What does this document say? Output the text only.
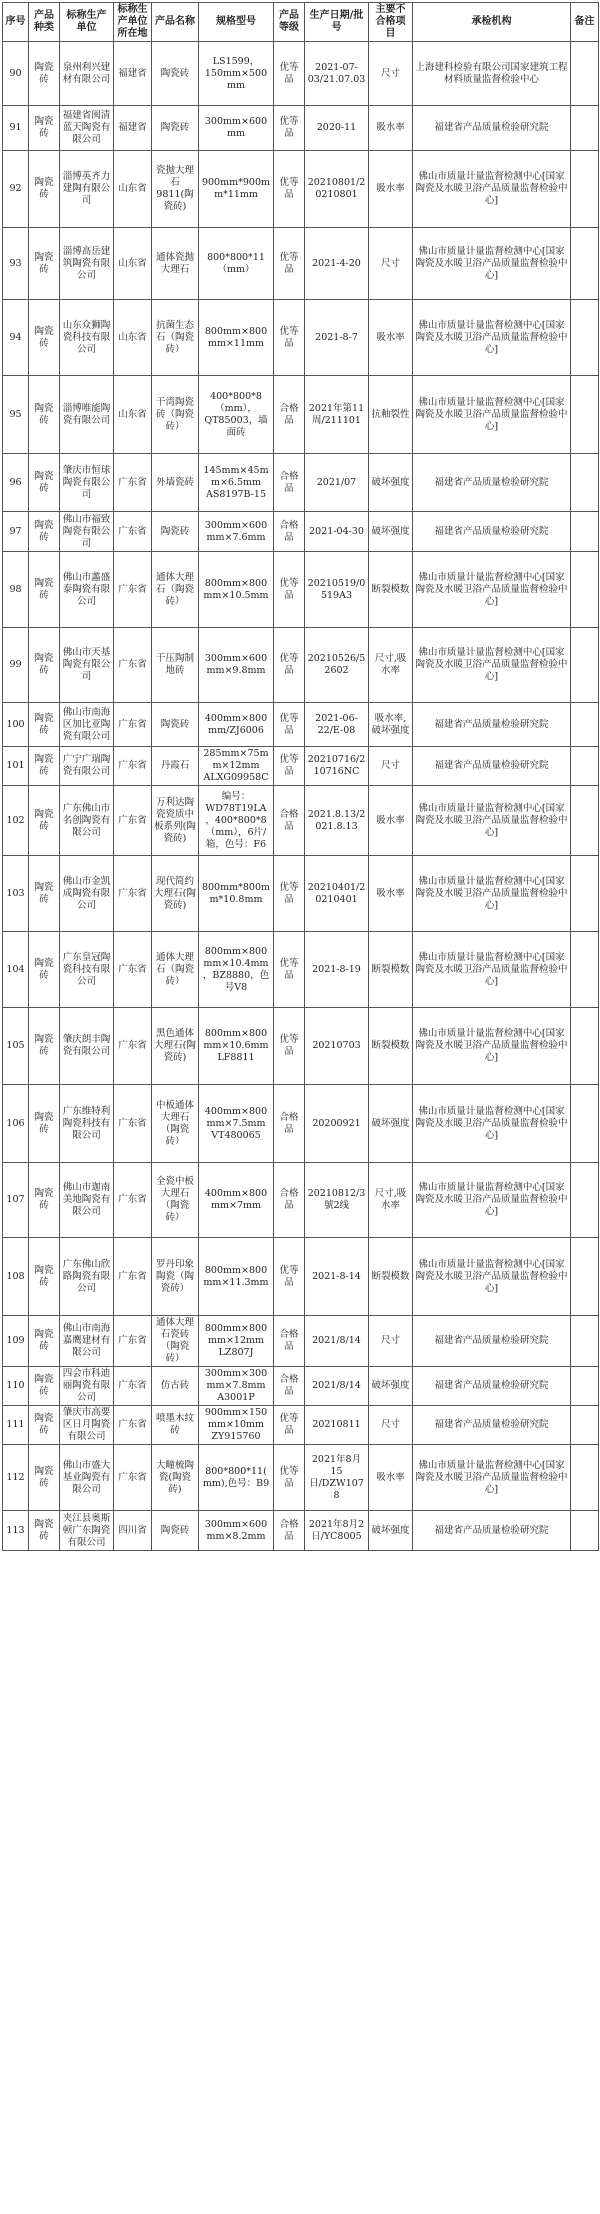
序号	产品种类	标称生产单位	标称生产单位所在地	产品名称	规格型号	产品等级	生产日期/批号	主要不合格项目	承检机构	备注
90	陶瓷砖	泉州利兴建材有限公司	福建省	陶瓷砖	LS1599，150mm×500mm	优等品	2021-07-03/21.07.03	尺寸	上海建科检验有限公司国家建筑工程材料质量监督检验中心	
91	陶瓷砖	福建省闽清蓝天陶瓷有限公司	福建省	陶瓷砖	300mm×600mm	优等品	2020-11	吸水率	福建省产品质量检验研究院	
92	陶瓷砖	淄博英齐力建陶有限公司	山东省	瓷抛大理石 9811(陶瓷砖)	900mm*900mm*11mm	优等品	20210801/20210801	吸水率	佛山市质量计量监督检测中心[国家陶瓷及水暖卫浴产品质量监督检验中心]	
93	陶瓷砖	淄博高岳建筑陶瓷有限公司	山东省	通体瓷抛大理石	800*800*11（mm）	优等品	2021-4-20	尺寸	佛山市质量计量监督检测中心[国家陶瓷及水暖卫浴产品质量监督检验中心]	
94	陶瓷砖	山东众狮陶瓷科技有限公司	山东省	抗菌生态石（陶瓷砖）	800mm×800mm×11mm	优等品	2021-8-7	吸水率	佛山市质量计量监督检测中心[国家陶瓷及水暖卫浴产品质量监督检验中心]	
95	陶瓷砖	淄博唯能陶瓷有限公司	山东省	干湾陶瓷砖（陶瓷砖）	400*800*8（mm），QT85003，墙面砖	合格品	2021年第11周/211101	抗釉裂性	佛山市质量计量监督检测中心[国家陶瓷及水暖卫浴产品质量监督检验中心]	
96	陶瓷砖	肇庆市恒球陶瓷有限公司	广东省	外墙瓷砖	145mm×45mm×6.5mm AS8197B-15	合格品	2021/07	破坏强度	福建省产品质量检验研究院	
97	陶瓷砖	佛山市福致陶瓷有限公司	广东省	陶瓷砖	300mm×600mm×7.6mm	合格品	2021-04-30	破坏强度	福建省产品质量检验研究院	
98	陶瓷砖	佛山市蠡盛泰陶瓷有限公司	广东省	通体大理石（陶瓷砖）	800mm×800mm×10.5mm	优等品	20210519/0519A3	断裂模数	佛山市质量计量监督检测中心[国家陶瓷及水暖卫浴产品质量监督检验中心]	
99	陶瓷砖	佛山市天基陶瓷有限公司	广东省	干压陶制地砖	300mm×600mm×9.8mm	优等品	20210526/52602	尺寸,吸水率	佛山市质量计量监督检测中心[国家陶瓷及水暖卫浴产品质量监督检验中心]	
100	陶瓷砖	佛山市南海区加比亚陶瓷有限公司	广东省	陶瓷砖	400mm×800mm/ZJ6006	优等品	2021-06-22/E-08	吸水率,破坏强度	福建省产品质量检验研究院	
101	陶瓷砖	广宁广瑞陶瓷有限公司	广东省	丹霞石	285mm×75mm×12mm ALXG09958C	优等品	20210716/210716NC	尺寸	福建省产品质量检验研究院	
102	陶瓷砖	广东佛山市名创陶瓷有限公司	广东省	万利达陶瓷瓷质中板系列(陶瓷砖)	编号：WD78T19LA，400*800*8（mm），6片/箱，色号：F6	合格品	2021.8.13/2021.8.13	吸水率	佛山市质量计量监督检测中心[国家陶瓷及水暖卫浴产品质量监督检验中心]	
103	陶瓷砖	佛山市金凯成陶瓷有限公司	广东省	现代简约大理石(陶瓷砖)	800mm*800mm*10.8mm	优等品	20210401/20210401	吸水率	佛山市质量计量监督检测中心[国家陶瓷及水暖卫浴产品质量监督检验中心]	
104	陶瓷砖	广东皇冠陶瓷科技有限公司	广东省	通体大理石（陶瓷砖）	800mm×800mm×10.4mm，BZ8880，色号V8	优等品	2021-8-19	断裂模数	佛山市质量计量监督检测中心[国家陶瓷及水暖卫浴产品质量监督检验中心]	
105	陶瓷砖	肇庆朗丰陶瓷有限公司	广东省	黑色通体大理石(陶瓷砖)	800mm×800mm×10.6mm LF8811	优等品	20210703	断裂模数	佛山市质量计量监督检测中心[国家陶瓷及水暖卫浴产品质量监督检验中心]	
106	陶瓷砖	广东维特利陶瓷科技有限公司	广东省	中板通体大理石（陶瓷砖）	400mm×800mm×7.5mm VT480065	合格品	20200921	破坏强度	佛山市质量计量监督检测中心[国家陶瓷及水暖卫浴产品质量监督检验中心]	
107	陶瓷砖	佛山市迦南美地陶瓷有限公司	广东省	全瓷中板大理石（陶瓷砖）	400mm×800mm×7mm	合格品	20210812/3號2线	尺寸,吸水率	佛山市质量计量监督检测中心[国家陶瓷及水暖卫浴产品质量监督检验中心]	
108	陶瓷砖	广东佛山欣路陶瓷有限公司	广东省	罗丹印象陶瓷（陶瓷砖）	800mm×800mm×11.3mm	优等品	2021-8-14	断裂模数	佛山市质量计量监督检测中心[国家陶瓷及水暖卫浴产品质量监督检验中心]	
109	陶瓷砖	佛山市南海嘉鹰建材有限公司	广东省	通体大理石瓷砖（陶瓷砖）	800mm×800mm×12mm LZ807J	合格品	2021/8/14	尺寸	福建省产品质量检验研究院	
110	陶瓷砖	四会市科迪丽陶瓷有限公司	广东省	仿古砖	300mm×300mm×7.8mm A3001P	合格品	2021/8/14	破坏强度	福建省产品质量检验研究院	
111	陶瓷砖	肇庆市高要区日月陶瓷有限公司	广东省	喷墨木纹砖	900mm×150mm×10mm ZY915760	优等品	20210811	尺寸	福建省产品质量检验研究院	
112	陶瓷砖	佛山市盛大基业陶瓷有限公司	广东省	大疃梳陶瓷(陶瓷砖)	800*800*11(mm),色号：B9	优等品	2021年8月15日/DZW1078	吸水率	佛山市质量计量监督检测中心[国家陶瓷及水暖卫浴产品质量监督检验中心]	
113	陶瓷砖	夹江县奥斯顿广东陶瓷有限公司	四川省	陶瓷砖	300mm×600mm×8.2mm	合格品	2021年8月2日/YC8005	破坏强度	福建省产品质量检验研究院	
